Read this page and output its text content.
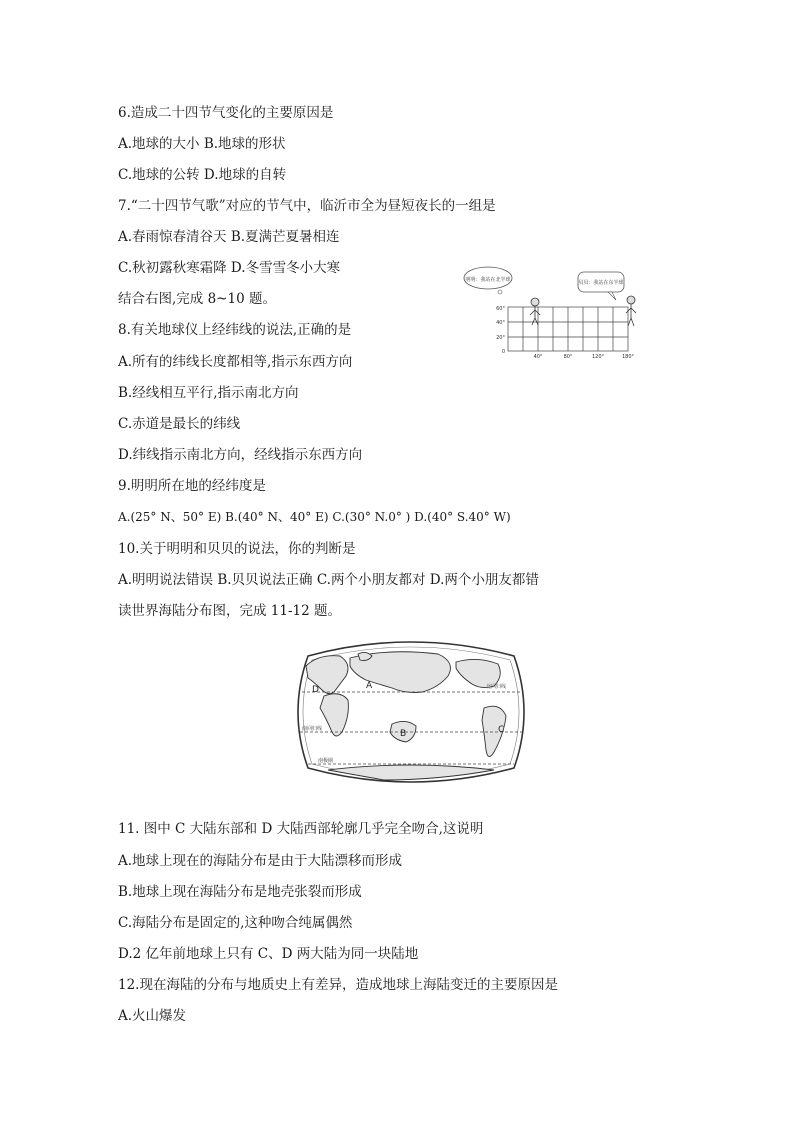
6.造成二十四节气变化的主要原因是
A.地球的大小 B.地球的形状
C.地球的公转 D.地球的自转
7.“二十四节气歌”对应的节气中，临沂市全为昼短夜长的一组是
A.春雨惊春清谷天 B.夏满芒夏暑相连
C.秋初露秋寒霜降 D.冬雪雪冬小大寒
结合右图,完成 8~10 题。
明明：我站在北半球	贝贝：我站在东半球
60°
40°
20°
0
40°	80°	120°	180°
8.有关地球仪上经纬线的说法,正确的是
A.所有的纬线长度都相等,指示东西方向
B.经线相互平行,指示南北方向
C.赤道是最长的纬线
D.纬线指示南北方向，经线指示东西方向
9.明明所在地的经纬度是
A.(25° N、50° E) B.(40° N、40° E) C.(30° N.0° ) D.(40° S.40° W)
10.关于明明和贝贝的说法，你的判断是
A.明明说法错误 B.贝贝说法正确 C.两个小朋友都对 D.两个小朋友都错
读世界海陆分布图，完成 11-12 题。
A
B	C
D	北回归线
南回归线
南极圈
11. 图中 C 大陆东部和 D 大陆西部轮廓几乎完全吻合,这说明
A.地球上现在的海陆分布是由于大陆漂移而形成
B.地球上现在海陆分布是地壳张裂而形成
C.海陆分布是固定的,这种吻合纯属偶然
D.2 亿年前地球上只有 C、D 两大陆为同一块陆地
12.现在海陆的分布与地质史上有差异，造成地球上海陆变迁的主要原因是
A.火山爆发
